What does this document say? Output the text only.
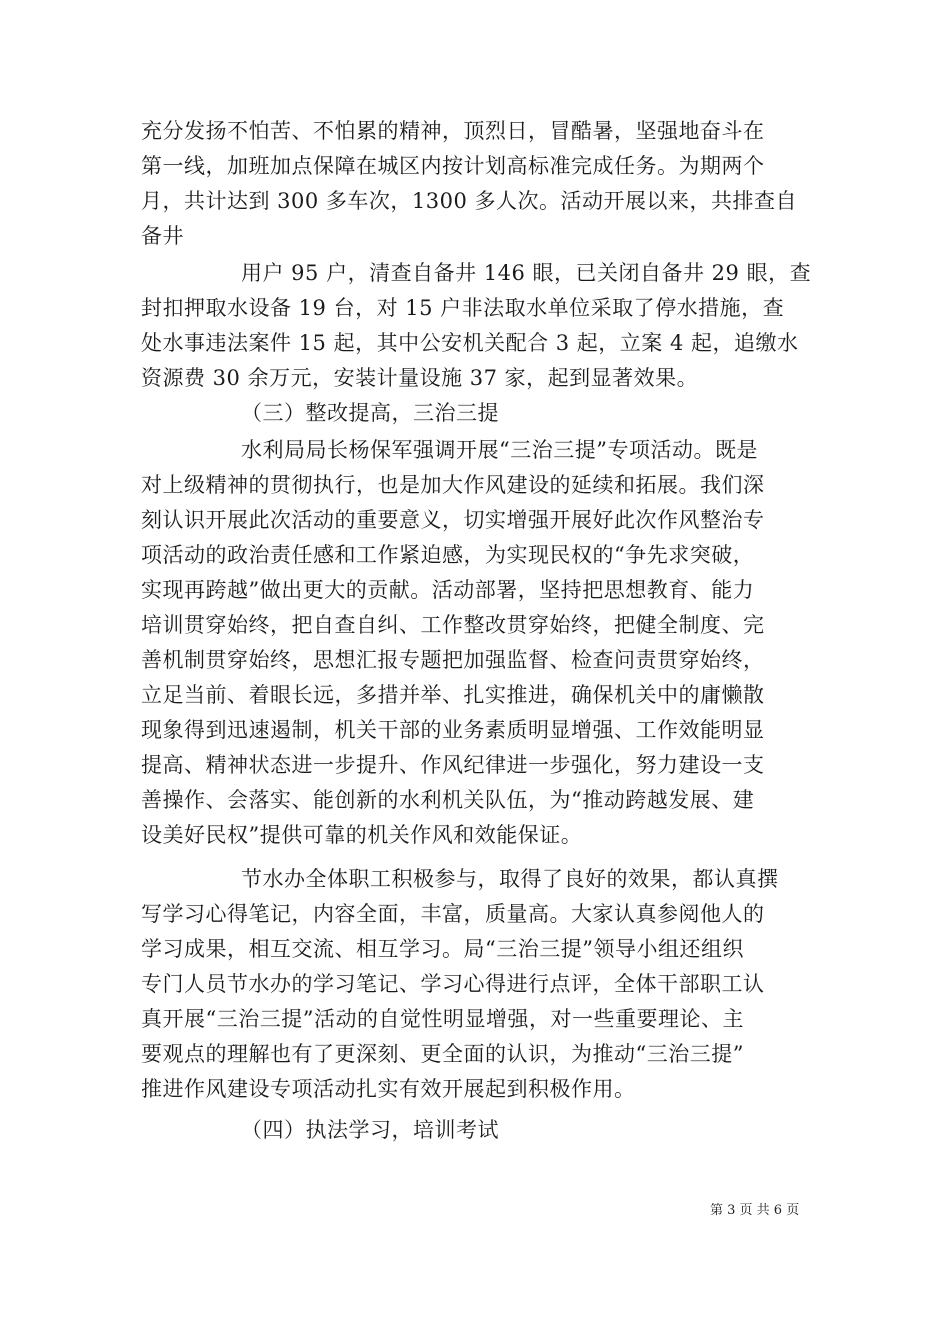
充分发扬不怕苦、不怕累的精神，顶烈日，冒酷暑，坚强地奋斗在
第一线，加班加点保障在城区内按计划高标准完成任务。为期两个
月，共计达到 300 多车次，1300 多人次。活动开展以来，共排查自
备井
用户 95 户，清查自备井 146 眼，已关闭自备井 29 眼，查
封扣押取水设备 19 台，对 15 户非法取水单位采取了停水措施，查
处水事违法案件 15 起，其中公安机关配合 3 起，立案 4 起，追缴水
资源费 30 余万元，安装计量设施 37 家，起到显著效果。
（三）整改提高，三治三提
水利局局长杨保军强调开展“三治三提”专项活动。既是
对上级精神的贯彻执行，也是加大作风建设的延续和拓展。我们深
刻认识开展此次活动的重要意义，切实增强开展好此次作风整治专
项活动的政治责任感和工作紧迫感，为实现民权的“争先求突破，
实现再跨越”做出更大的贡献。活动部署，坚持把思想教育、能力
培训贯穿始终，把自查自纠、工作整改贯穿始终，把健全制度、完
善机制贯穿始终，思想汇报专题把加强监督、检查问责贯穿始终，
立足当前、着眼长远，多措并举、扎实推进，确保机关中的庸懒散
现象得到迅速遏制，机关干部的业务素质明显增强、工作效能明显
提高、精神状态进一步提升、作风纪律进一步强化，努力建设一支
善操作、会落实、能创新的水利机关队伍，为“推动跨越发展、建
设美好民权”提供可靠的机关作风和效能保证。
节水办全体职工积极参与，取得了良好的效果，都认真撰
写学习心得笔记，内容全面，丰富，质量高。大家认真参阅他人的
学习成果，相互交流、相互学习。局“三治三提”领导小组还组织
专门人员节水办的学习笔记、学习心得进行点评，全体干部职工认
真开展“三治三提”活动的自觉性明显增强，对一些重要理论、主
要观点的理解也有了更深刻、更全面的认识，为推动“三治三提”
推进作风建设专项活动扎实有效开展起到积极作用。
（四）执法学习，培训考试
第 3 页 共 6 页
